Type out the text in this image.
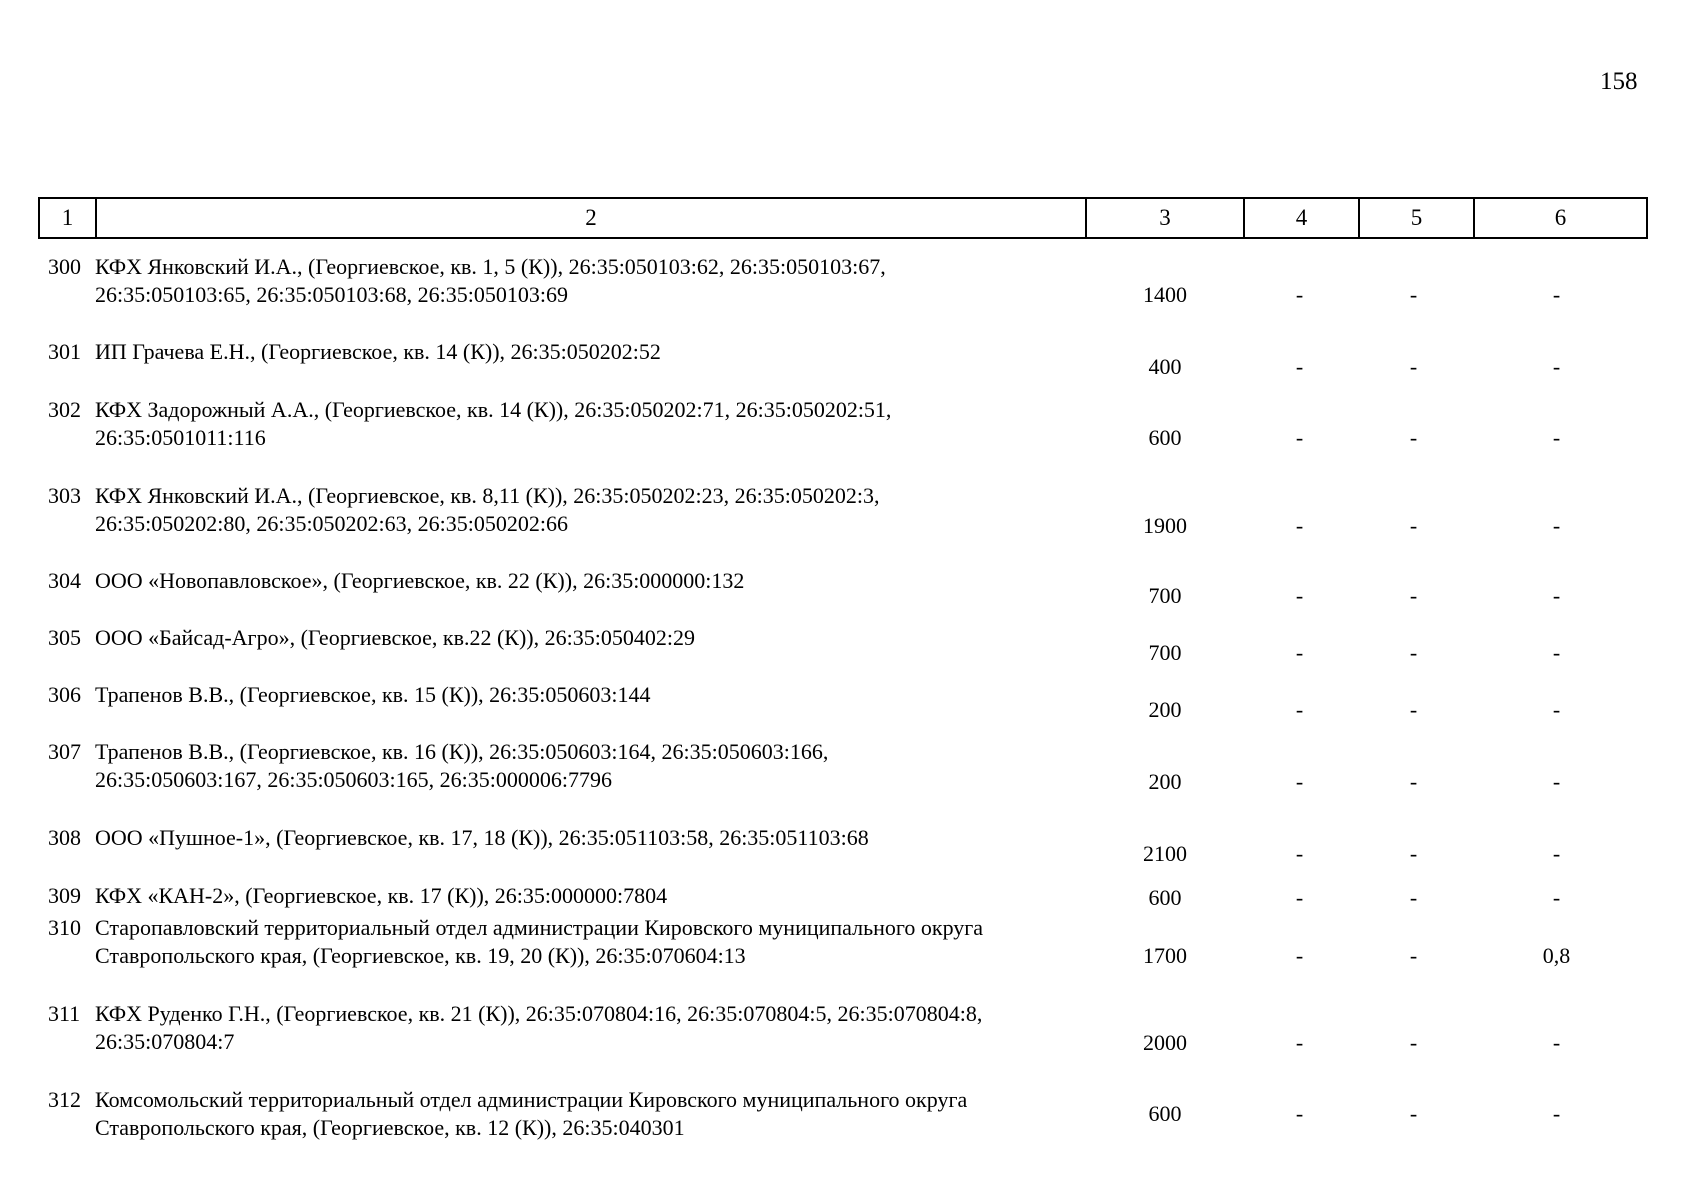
158
1	2	3	4	5	6
300 КФХ Янковский И.А., (Георгиевское, кв. 1, 5 (К)), 26:35:050103:62, 26:35:050103:67,
26:35:050103:65, 26:35:050103:68, 26:35:050103:69	1400	-	-	-
301 ИП Грачева Е.Н., (Георгиевское, кв. 14 (К)), 26:35:050202:52
400	-	-	-
302 КФХ Задорожный А.А., (Георгиевское, кв. 14 (К)), 26:35:050202:71, 26:35:050202:51,
26:35:0501011:116	600	-	-	-
303 КФХ Янковский И.А., (Георгиевское, кв. 8,11 (К)), 26:35:050202:23, 26:35:050202:3,
26:35:050202:80, 26:35:050202:63, 26:35:050202:66	1900	-	-	-
304 ООО «Новопавловское», (Георгиевское, кв. 22 (К)), 26:35:000000:132
700	-	-	-
305 ООО «Байсад-Агро», (Георгиевское, кв.22 (К)), 26:35:050402:29
700	-	-	-
306 Трапенов В.В., (Георгиевское, кв. 15 (К)), 26:35:050603:144
200	-	-	-
307 Трапенов В.В., (Георгиевское, кв. 16 (К)), 26:35:050603:164, 26:35:050603:166,
26:35:050603:167, 26:35:050603:165, 26:35:000006:7796	200	-	-	-
308 ООО «Пушное-1», (Георгиевское, кв. 17, 18 (К)), 26:35:051103:58, 26:35:051103:68
2100	-	-	-
309 КФХ «КАН-2», (Георгиевское, кв. 17 (К)), 26:35:000000:7804	600	-	-	-
310 Старопавловский территориальный отдел администрации Кировского муниципального округа
Ставропольского края, (Георгиевское, кв. 19, 20 (К)), 26:35:070604:13	1700	-	-	0,8
311 КФХ Руденко Г.Н., (Георгиевское, кв. 21 (К)), 26:35:070804:16, 26:35:070804:5, 26:35:070804:8,
26:35:070804:7	2000	-	-	-
312 Комсомольский территориальный отдел администрации Кировского муниципального округа
Ставропольского края, (Георгиевское, кв. 12 (К)), 26:35:040301
600	-	-	-
